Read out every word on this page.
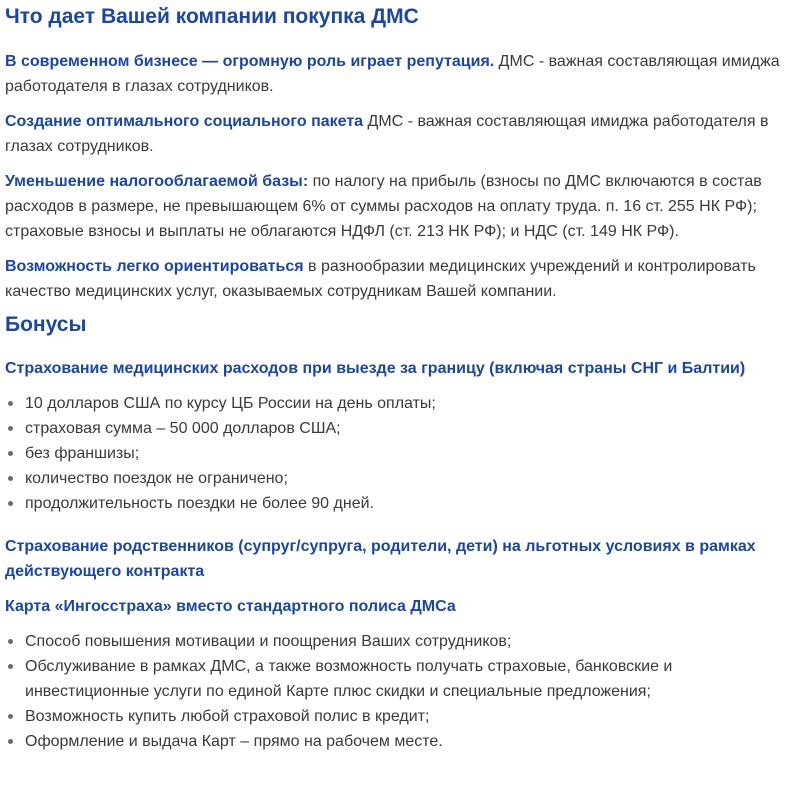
Что дает Вашей компании покупка ДМС

В современном бизнесе — огромную роль играет репутация. ДМС - важная составляющая имиджа работодателя в глазах сотрудников.

Создание оптимального социального пакета ДМС - важная составляющая имиджа работодателя в глазах сотрудников.

Уменьшение налогооблагаемой базы: по налогу на прибыль (взносы по ДМС включаются в состав расходов в размере, не превышающем 6% от суммы расходов на оплату труда. п. 16 ст. 255 НК РФ); страховые взносы и выплаты не облагаются НДФЛ (ст. 213 НК РФ); и НДС (ст. 149 НК РФ).

Возможность легко ориентироваться в разнообразии медицинских учреждений и контролировать качество медицинских услуг, оказываемых сотрудникам Вашей компании.

Бонусы
Страхование медицинских расходов при выезде за границу (включая страны СНГ и Балтии)
10 долларов США по курсу ЦБ России на день оплаты;
страховая сумма – 50 000 долларов США;
без франшизы;
количество поездок не ограничено;
продолжительность поездки не более 90 дней.
Страхование родственников (супруг/супруга, родители, дети) на льготных условиях в рамках действующего контракта
Карта «Ингосстраха» вместо стандартного полиса ДМСа
Способ повышения мотивации и поощрения Ваших сотрудников;
Обслуживание в рамках ДМС, а также возможность получать страховые, банковские и инвестиционные услуги по единой Карте плюс скидки и специальные предложения;
Возможность купить любой страховой полис в кредит;
Оформление и выдача Карт – прямо на рабочем месте.
